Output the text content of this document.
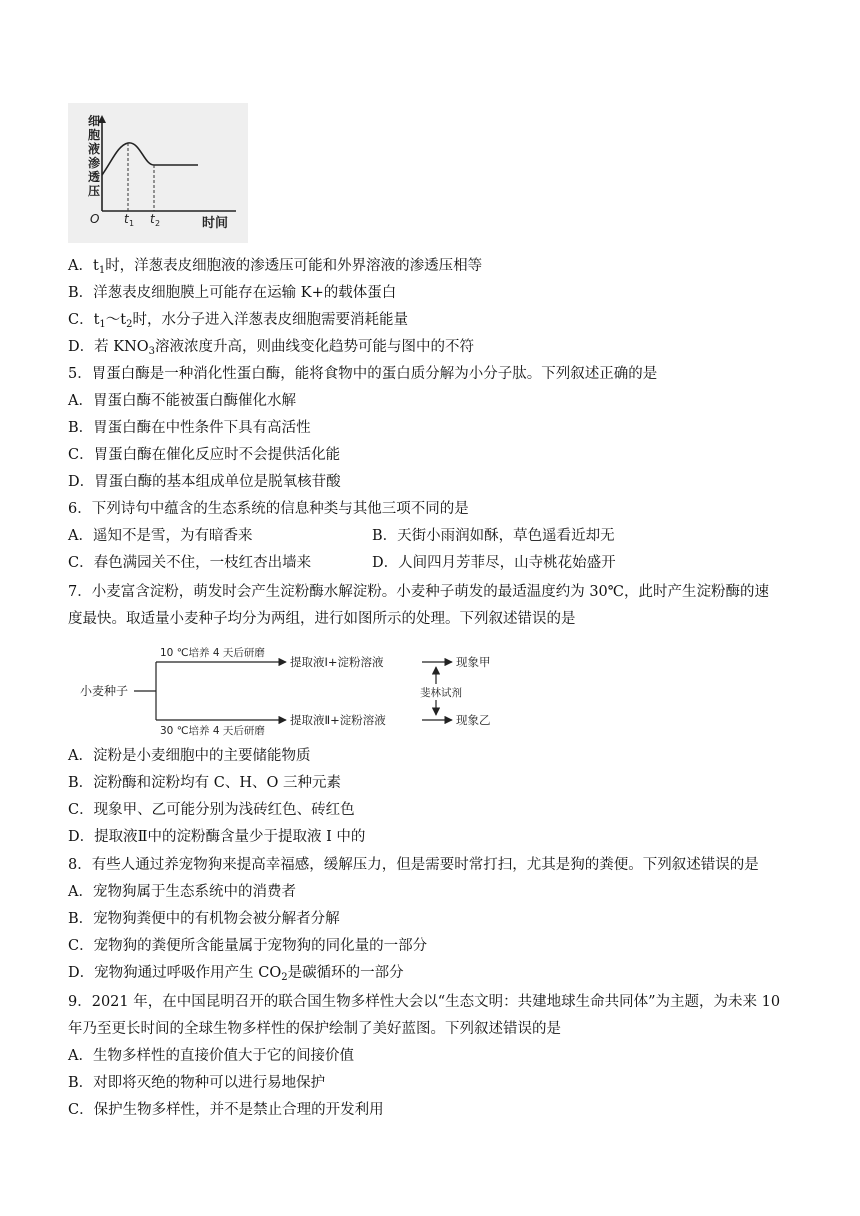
细
胞
液
渗
透
压
O t 1 t 2	时间
A．$t_1$时，洋葱表皮细胞液的渗透压可能和外界溶液的渗透压相等
B．洋葱表皮细胞膜上可能存在运输 K+的载体蛋白
C．$t_1\sim t_2$时，水分子进入洋葱表皮细胞需要消耗能量
D．若 $KNO_3$溶液浓度升高，则曲线变化趋势可能与图中的不符
5．胃蛋白酶是一种消化性蛋白酶，能将食物中的蛋白质分解为小分子肽。下列叙述正确的是
A．胃蛋白酶不能被蛋白酶催化水解
B．胃蛋白酶在中性条件下具有高活性
C．胃蛋白酶在催化反应时不会提供活化能
D．胃蛋白酶的基本组成单位是脱氧核苷酸
6．下列诗句中蕴含的生态系统的信息种类与其他三项不同的是
A．遥知不是雪，为有暗香来	B．天街小雨润如酥，草色遥看近却无
C．春色满园关不住，一枝红杏出墙来	D．人间四月芳菲尽，山寺桃花始盛开
7．小麦富含淀粉，萌发时会产生淀粉酶水解淀粉。小麦种子萌发的最适温度约为 30℃，此时产生淀粉酶的速
度最快。取适量小麦种子均分为两组，进行如图所示的处理。下列叙述错误的是
小麦种子
10 ℃培养 4 天后研磨
30 ℃培养 4 天后研磨
提取液Ⅰ+淀粉溶液
提取液Ⅱ+淀粉溶液
斐林试剂
现象甲
现象乙
A．淀粉是小麦细胞中的主要储能物质
B．淀粉酶和淀粉均有 C、H、O 三种元素
C．现象甲、乙可能分别为浅砖红色、砖红色
D．提取液Ⅱ中的淀粉酶含量少于提取液 I 中的
8．有些人通过养宠物狗来提高幸福感，缓解压力，但是需要时常打扫，尤其是狗的粪便。下列叙述错误的是
A．宠物狗属于生态系统中的消费者
B．宠物狗粪便中的有机物会被分解者分解
C．宠物狗的粪便所含能量属于宠物狗的同化量的一部分
D．宠物狗通过呼吸作用产生 $CO_2$是碳循环的一部分
9．2021 年，在中国昆明召开的联合国生物多样性大会以“生态文明：共建地球生命共同体”为主题，为未来 10
年乃至更长时间的全球生物多样性的保护绘制了美好蓝图。下列叙述错误的是
A．生物多样性的直接价值大于它的间接价值
B．对即将灭绝的物种可以进行易地保护
C．保护生物多样性，并不是禁止合理的开发利用
